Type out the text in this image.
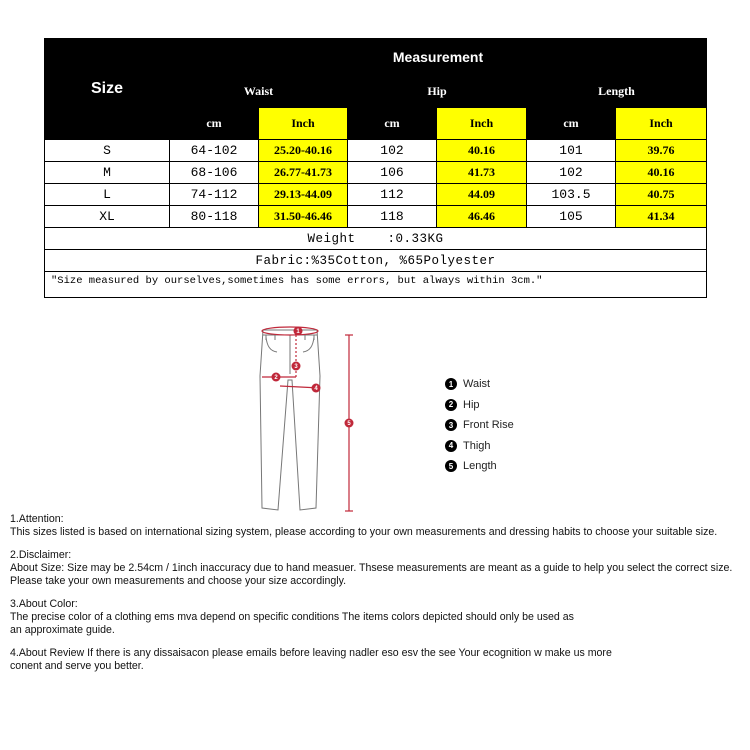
Size	Measurement					
	Waist		Hip		Length	
	cm	Inch	cm	Inch	cm	Inch
S	64-102	25.20-40.16	102	40.16	101	39.76
M	68-106	26.77-41.73	106	41.73	102	40.16
L	74-112	29.13-44.09	112	44.09	103.5	40.75
XL	80-118	31.50-46.46	118	46.46	105	41.34
Weight    :0.33KG						
Fabric:%35Cotton, %65Polyester						
"Size measured by ourselves,sometimes has some errors, but always within 3cm."						
1
2
3
4
5
1 Waist
2 Hip
3 Front Rise
4 Thigh
5 Length

1.Attention:

This sizes listed is based on international sizing system, please according to your own measurements and dressing habits to choose your suitable size.

2.Disclaimer:

About Size: Size may be 2.54cm / 1inch inaccuracy due to hand measuer. Thsese measurements are meant as a guide to help you select the correct size.

Please take your own measurements and choose your size accordingly.

3.About Color:

The precise color of a clothing ems mva depend on specific conditions The items colors depicted should only be used as

an approximate guide.

4.About Review If there is any dissaisacon please emails before leaving nadler eso esv the see Your ecognition w make us more

conent and serve you better.
